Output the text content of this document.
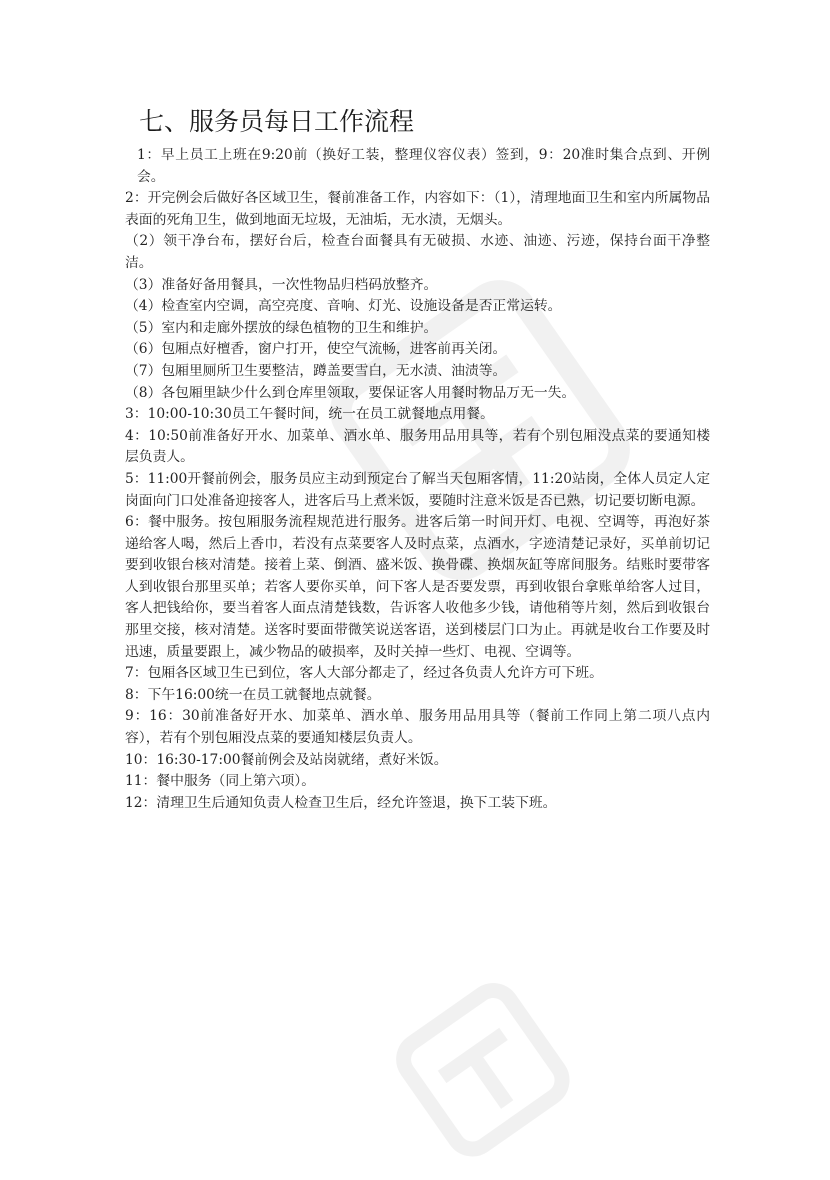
七、服务员每日工作流程

1：早上员工上班在9:20前（换好工装，整理仪容仪表）签到，9：20准时集合点到、开例会。

2：开完例会后做好各区域卫生，餐前准备工作，内容如下：（1），清理地面卫生和室内所属物品表面的死角卫生，做到地面无垃圾，无油垢，无水渍，无烟头。

（2）领干净台布，摆好台后，检查台面餐具有无破损、水迹、油迹、污迹，保持台面干净整洁。

（3）准备好备用餐具，一次性物品归档码放整齐。

（4）检查室内空调，高空亮度、音响、灯光、设施设备是否正常运转。

（5）室内和走廊外摆放的绿色植物的卫生和维护。

（6）包厢点好檀香，窗户打开，使空气流畅，进客前再关闭。

（7）包厢里厕所卫生要整洁，蹲盖要雪白，无水渍、油渍等。

（8）各包厢里缺少什么到仓库里领取，要保证客人用餐时物品万无一失。

3：10:00-10:30员工午餐时间，统一在员工就餐地点用餐。

4：10:50前准备好开水、加菜单、酒水单、服务用品用具等，若有个别包厢没点菜的要通知楼层负责人。

5：11:00开餐前例会，服务员应主动到预定台了解当天包厢客情，11:20站岗，全体人员定人定岗面向门口处准备迎接客人，进客后马上煮米饭，要随时注意米饭是否已熟，切记要切断电源。

6：餐中服务。按包厢服务流程规范进行服务。进客后第一时间开灯、电视、空调等，再泡好茶递给客人喝，然后上香巾，若没有点菜要客人及时点菜，点酒水，字迹清楚记录好，买单前切记要到收银台核对清楚。接着上菜、倒酒、盛米饭、换骨碟、换烟灰缸等席间服务。结账时要带客人到收银台那里买单；若客人要你买单，问下客人是否要发票，再到收银台拿账单给客人过目，客人把钱给你，要当着客人面点清楚钱数，告诉客人收他多少钱，请他稍等片刻，然后到收银台那里交接，核对清楚。送客时要面带微笑说送客语，送到楼层门口为止。再就是收台工作要及时迅速，质量要跟上，减少物品的破损率，及时关掉一些灯、电视、空调等。

7：包厢各区域卫生已到位，客人大部分都走了，经过各负责人允许方可下班。

8：下午16:00统一在员工就餐地点就餐。

9：16：30前准备好开水、加菜单、酒水单、服务用品用具等（餐前工作同上第二项八点内容），若有个别包厢没点菜的要通知楼层负责人。

10：16:30-17:00餐前例会及站岗就绪，煮好米饭。

11：餐中服务（同上第六项）。

12：清理卫生后通知负责人检查卫生后，经允许签退，换下工装下班。
